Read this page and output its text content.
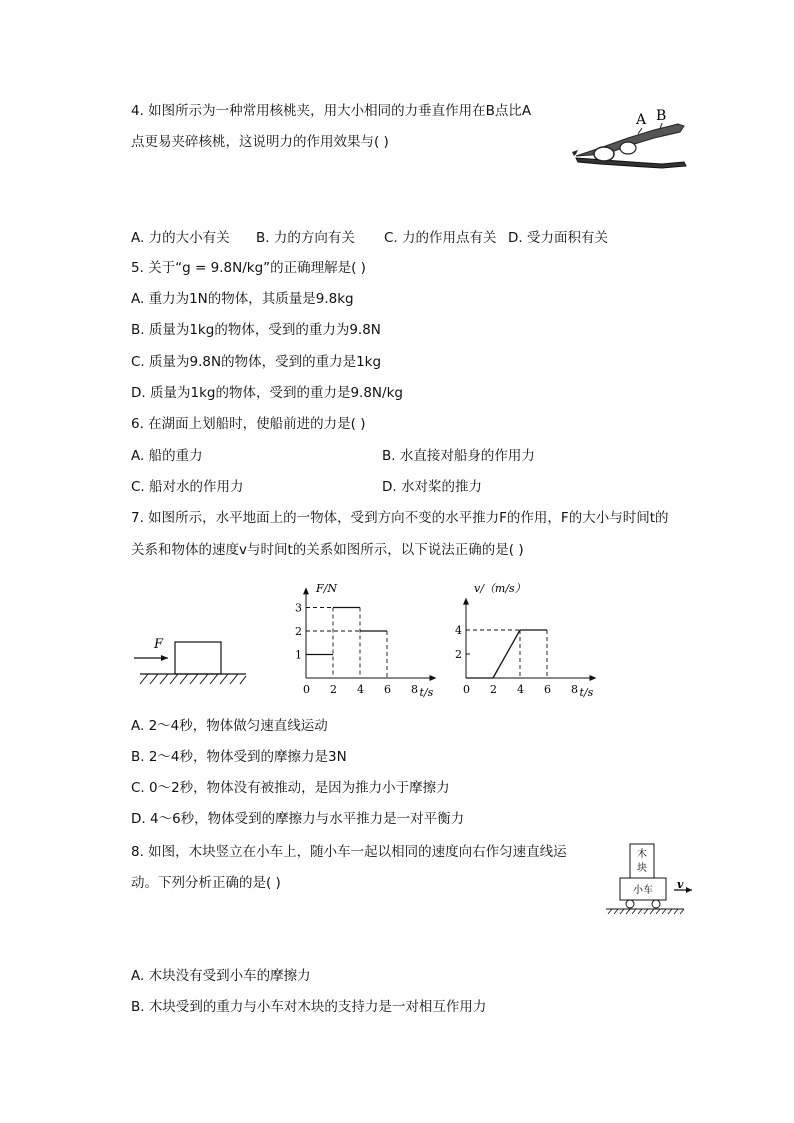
4. 如图所示为一种常用核桃夹，用大小相同的力垂直作用在B点比A
点更易夹碎核桃，这说明力的作用效果与( )
A B
A. 力的大小有关 B. 力的方向有关 C. 力的作用点有关 D. 受力面积有关
5. 关于“g = 9.8N/kg”的正确理解是( )
A. 重力为1N的物体，其质量是9.8kg
B. 质量为1kg的物体，受到的重力为9.8N
C. 质量为9.8N的物体，受到的重力是1kg
D. 质量为1kg的物体，受到的重力是9.8N/kg
6. 在湖面上划船时，使船前进的力是( )
A. 船的重力	B. 水直接对船身的作用力
C. 船对水的作用力	D. 水对桨的推力
7. 如图所示，水平地面上的一物体，受到方向不变的水平推力F的作用，F的大小与时间t的
关系和物体的速度v与时间t的关系如图所示，以下说法正确的是( )
F
F/N
t/s
0 2 4 6 8
1
2
3
v/（m/s）
t/s
0 2 4 6 8
2
4
A. 2～4秒，物体做匀速直线运动
B. 2～4秒，物体受到的摩擦力是3N
C. 0～2秒，物体没有被推动，是因为推力小于摩擦力
D. 4～6秒，物体受到的摩擦力与水平推力是一对平衡力
8. 如图，木块竖立在小车上，随小车一起以相同的速度向右作匀速直线运
动。下列分析正确的是( )
木
块
小车 v
A. 木块没有受到小车的摩擦力
B. 木块受到的重力与小车对木块的支持力是一对相互作用力
